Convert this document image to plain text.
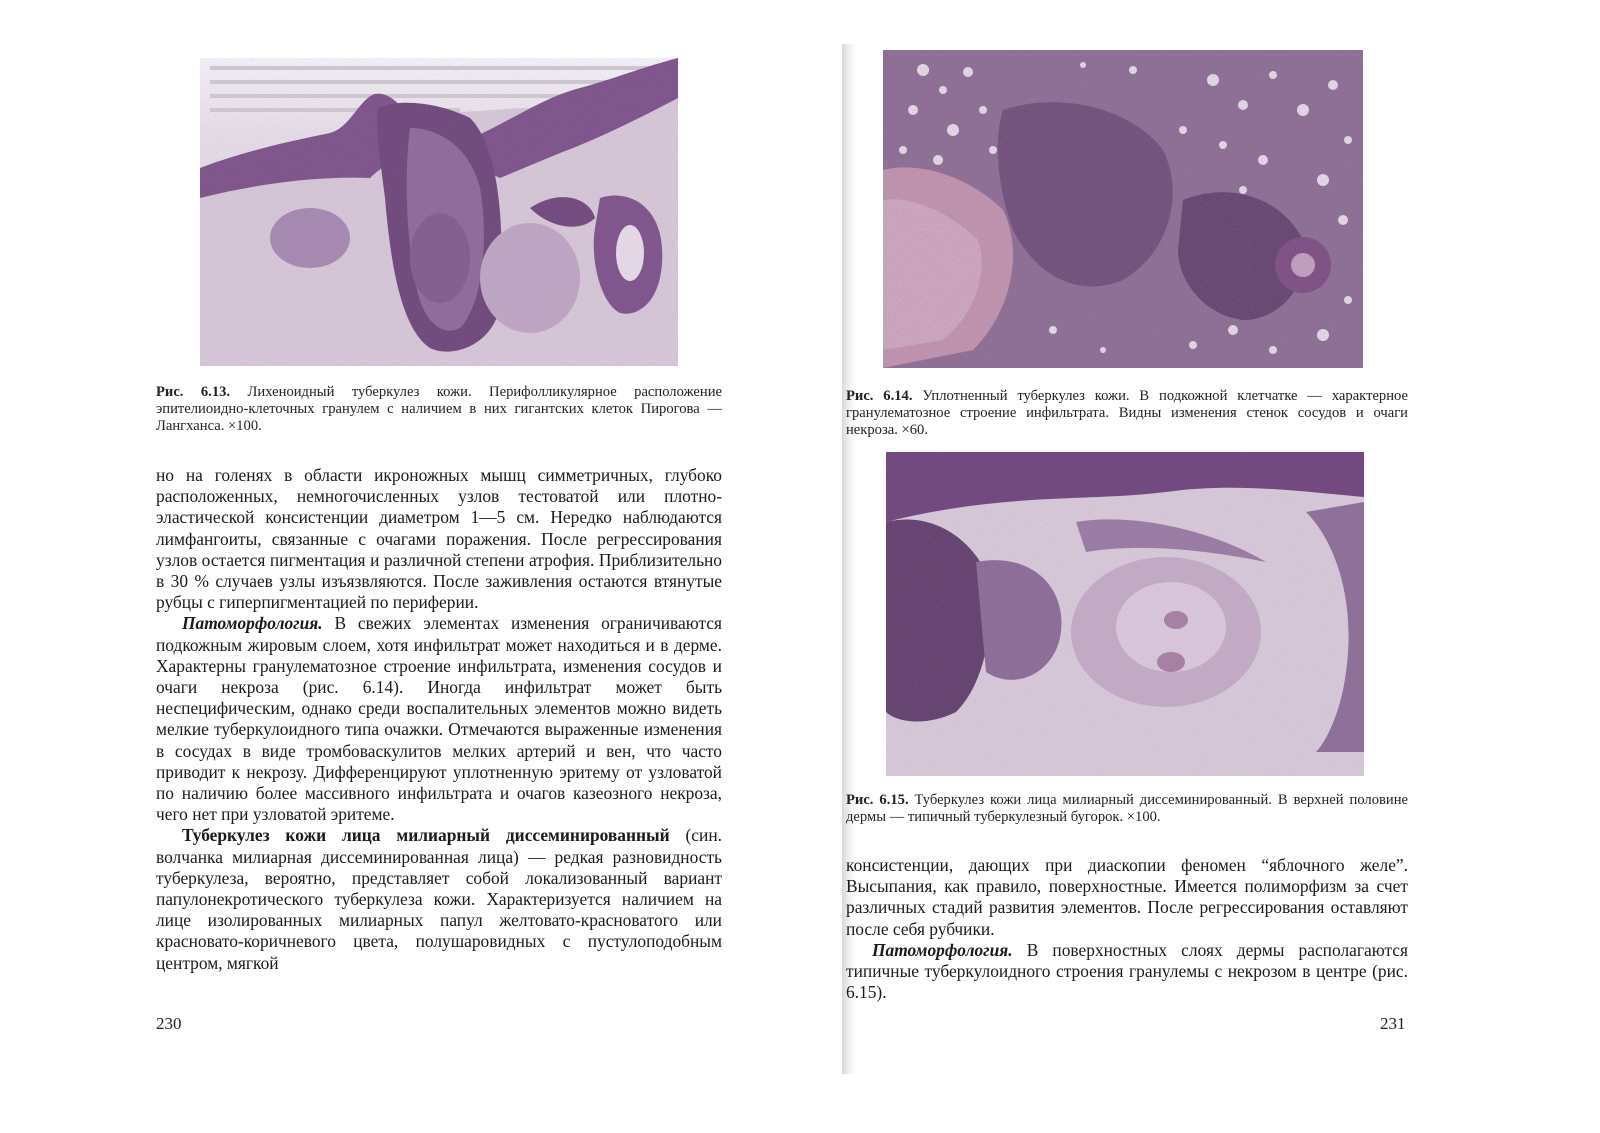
Рис. 6.13. Лихеноидный туберкулез кожи. Перифолликулярное расположение эпителиоидно-клеточных гранулем с наличием в них гигантских клеток Пирогова — Лангханса. ×100.

но на голенях в области икроножных мышц симметричных, глубоко расположенных, немногочисленных узлов тестоватой или плотно-эластической консистенции диаметром 1—5 см. Нередко наблюдаются лимфангоиты, связанные с очагами поражения. После регрессирования узлов остается пигментация и различной степени атрофия. Приблизительно в 30 % случаев узлы изъязвляются. После заживления остаются втянутые рубцы с гиперпигментацией по периферии.

Патоморфология. В свежих элементах изменения ограничиваются подкожным жировым слоем, хотя инфильтрат может находиться и в дерме. Характерны гранулематозное строение инфильтрата, изменения сосудов и очаги некроза (рис. 6.14). Иногда инфильтрат может быть неспецифическим, однако среди воспалительных элементов можно видеть мелкие туберкулоидного типа очажки. Отмечаются выраженные изменения в сосудах в виде тромбоваскулитов мелких артерий и вен, что часто приводит к некрозу. Дифференцируют уплотненную эритему от узловатой по наличию более массивного инфильтрата и очагов казеозного некроза, чего нет при узловатой эритеме.

Туберкулез кожи лица милиарный диссеминированный (син. волчанка милиарная диссеминированная лица) — редкая разновидность туберкулеза, вероятно, представляет собой локализованный вариант папулонекротического туберкулеза кожи. Характеризуется наличием на лице изолированных милиарных папул желтовато-красноватого или красновато-коричневого цвета, полушаровидных с пустулоподобным центром, мягкой

230
Рис. 6.14. Уплотненный туберкулез кожи. В подкожной клетчатке — характерное гранулематозное строение инфильтрата. Видны изменения стенок сосудов и очаги некроза. ×60.
Рис. 6.15. Туберкулез кожи лица милиарный диссеминированный. В верхней половине дермы — типичный туберкулезный бугорок. ×100.

консистенции, дающих при диаскопии феномен “яблочного желе”. Высыпания, как правило, поверхностные. Имеется полиморфизм за счет различных стадий развития элементов. После регрессирования оставляют после себя рубчики.

Патоморфология. В поверхностных слоях дермы располагаются типичные туберкулоидного строения гранулемы с некрозом в центре (рис. 6.15).

231
